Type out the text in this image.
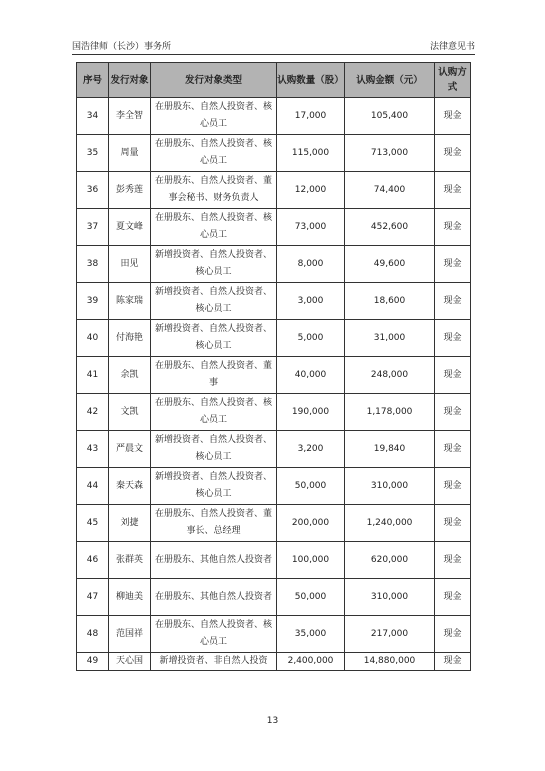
国浩律师（长沙）事务所	法律意见书
序号	发行对象	发行对象类型	认购数量（股）	认购金额（元）	认购方式
34	李全智	在册股东、自然人投资者、核心员工	17,000	105,400	现金
35	周量	在册股东、自然人投资者、核心员工	115,000	713,000	现金
36	彭秀莲	在册股东、自然人投资者、董事会秘书、财务负责人	12,000	74,400	现金
37	夏文峰	在册股东、自然人投资者、核心员工	73,000	452,600	现金
38	田见	新增投资者、自然人投资者、核心员工	8,000	49,600	现金
39	陈家瑞	新增投资者、自然人投资者、核心员工	3,000	18,600	现金
40	付海艳	新增投资者、自然人投资者、核心员工	5,000	31,000	现金
41	余凯	在册股东、自然人投资者、董事	40,000	248,000	现金
42	文凯	在册股东、自然人投资者、核心员工	190,000	1,178,000	现金
43	严晨文	新增投资者、自然人投资者、核心员工	3,200	19,840	现金
44	秦天森	新增投资者、自然人投资者、核心员工	50,000	310,000	现金
45	刘捷	在册股东、自然人投资者、董事长、总经理	200,000	1,240,000	现金
46	张群英	在册股东、其他自然人投资者	100,000	620,000	现金
47	柳迪美	在册股东、其他自然人投资者	50,000	310,000	现金
48	范国祥	在册股东、自然人投资者、核心员工	35,000	217,000	现金
49	天心国	新增投资者、非自然人投资	2,400,000	14,880,000	现金
13
